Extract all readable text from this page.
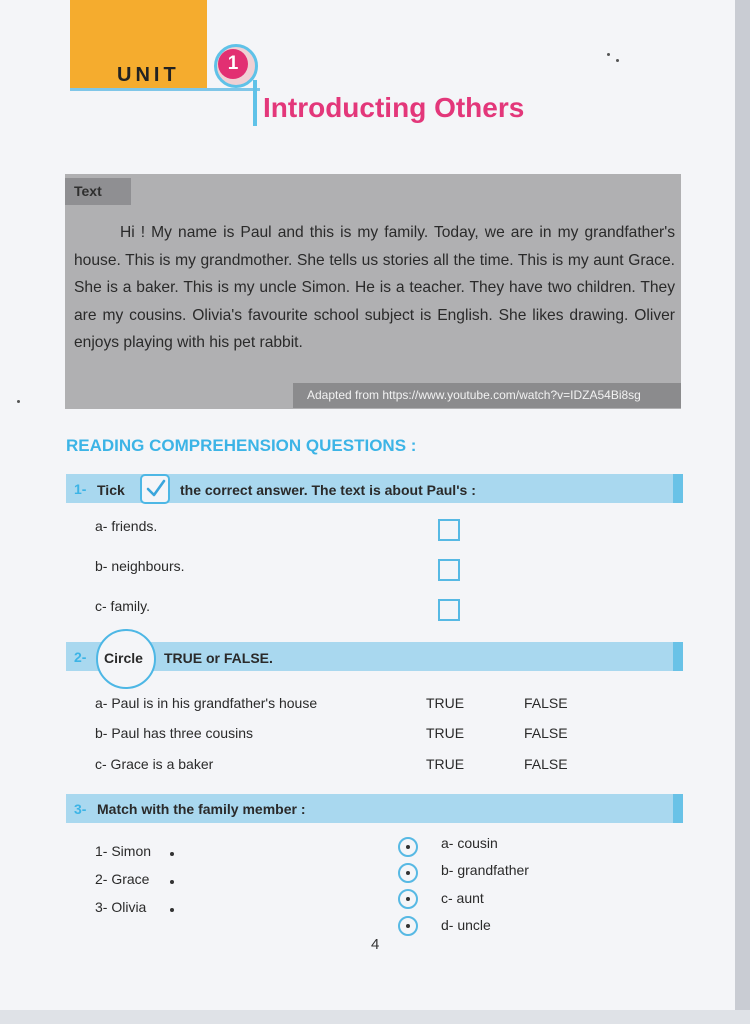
UNIT
1
Introducting Others
Text
Hi ! My name is Paul and this is my family. Today, we are in my grandfather's house. This is my grandmother. She tells us stories all the time. This is my aunt Grace. She is a baker. This is my uncle Simon. He is a teacher. They have two children. They are my cousins. Olivia's favourite school subject is English. She likes drawing. Oliver enjoys playing with his pet rabbit.
Adapted from https://www.youtube.com/watch?v=IDZA54Bi8sg
READING COMPREHENSION QUESTIONS :
1- Tick	the correct answer. The text is about Paul's :
a- friends.
b- neighbours.
c- family.
2- Circle TRUE or FALSE.
a- Paul is in his grandfather's house	TRUE	FALSE
b- Paul has three cousins	TRUE	FALSE
c- Grace is a baker	TRUE	FALSE
3- Match with the family member :
1- Simon
2- Grace
3- Olivia
a- cousin
b- grandfather
c- aunt
d- uncle
4
